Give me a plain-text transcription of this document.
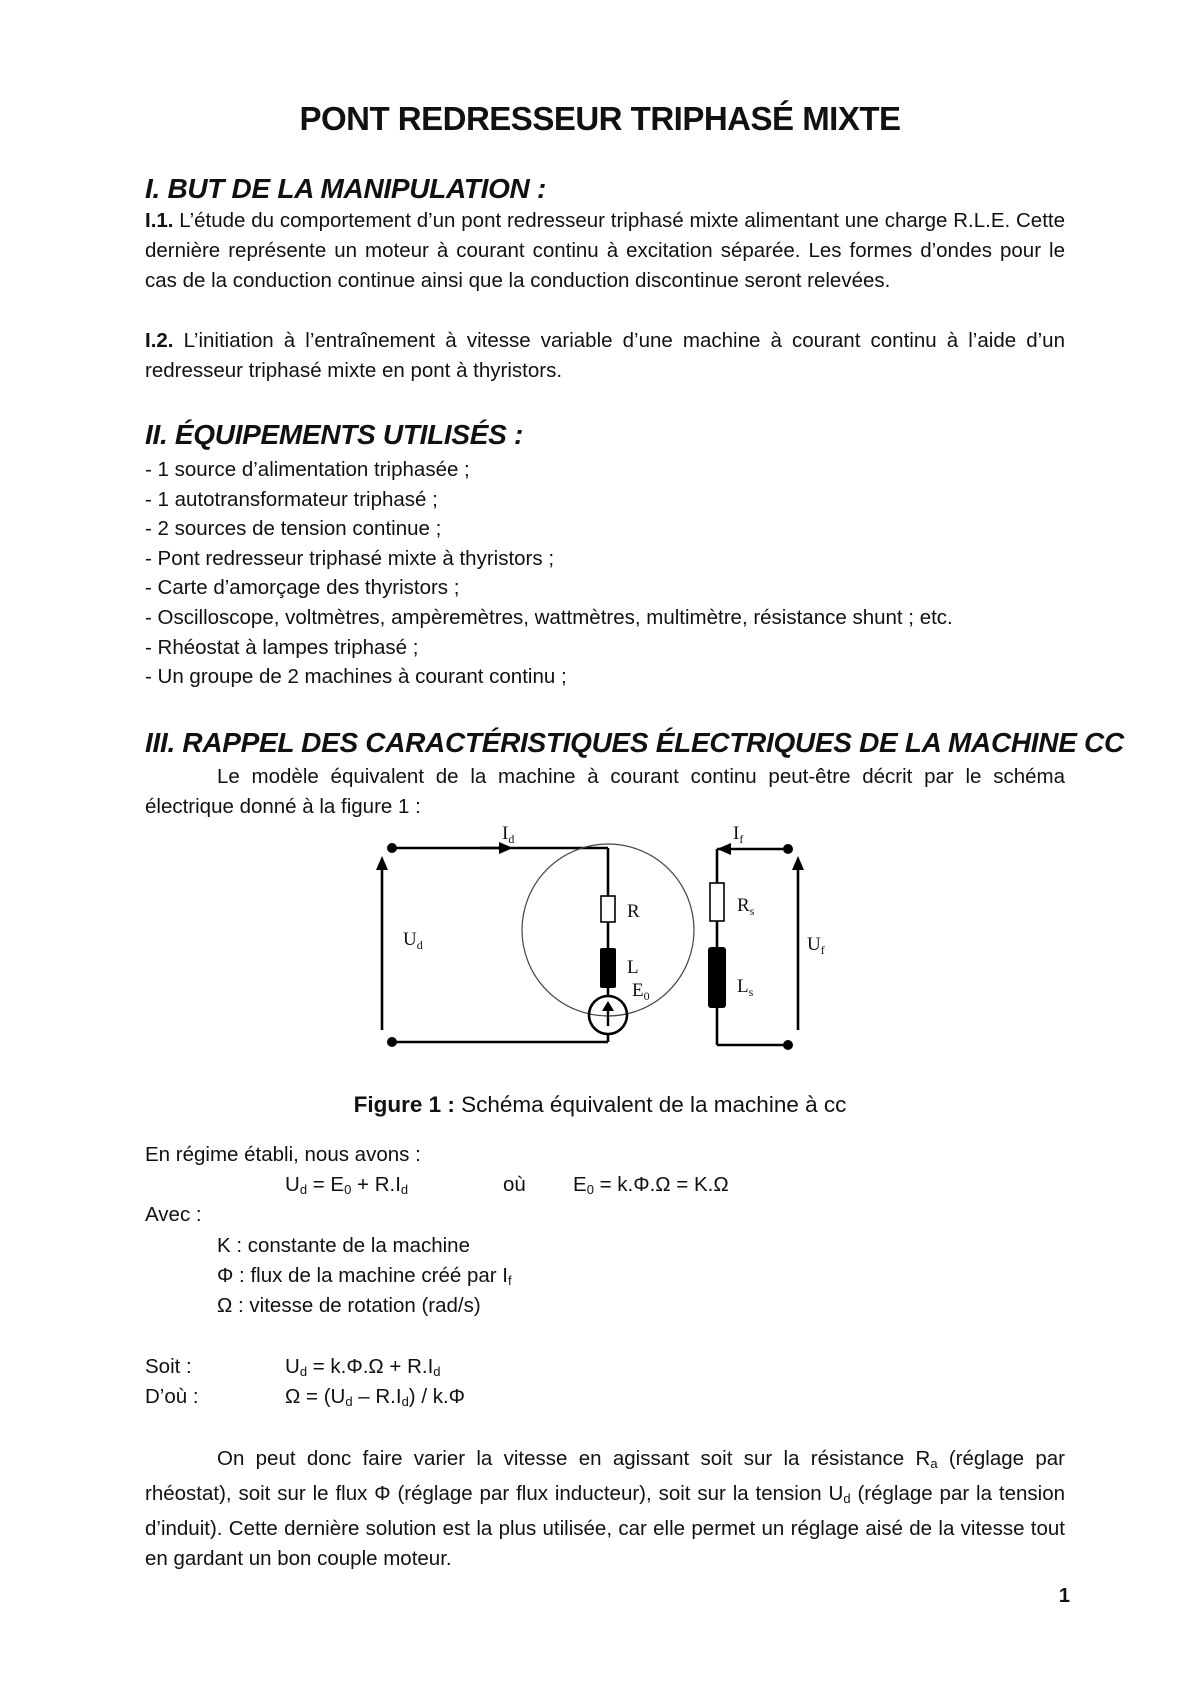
PONT REDRESSEUR TRIPHASÉ MIXTE
I. BUT DE LA MANIPULATION :

I.1. L’étude du comportement d’un pont redresseur triphasé mixte alimentant une charge R.L.E. Cette dernière représente un moteur à courant continu à excitation séparée. Les formes d’ondes pour le cas de la conduction continue ainsi que la conduction discontinue seront relevées.

I.2. L’initiation à l’entraînement à vitesse variable d’une machine à courant continu à l’aide d’un redresseur triphasé mixte en pont à thyristors.

II. ÉQUIPEMENTS UTILISÉS :
- 1 source d’alimentation triphasée ;
- 1 autotransformateur triphasé ;
- 2 sources de tension continue ;
- Pont redresseur triphasé mixte à thyristors ;
- Carte d’amorçage des thyristors ;
- Oscilloscope, voltmètres, ampèremètres, wattmètres, multimètre, résistance shunt ; etc.
- Rhéostat à lampes triphasé ;
- Un groupe de 2 machines à courant continu ;
III. RAPPEL DES CARACTÉRISTIQUES ÉLECTRIQUES DE LA MACHINE CC

Le modèle équivalent de la machine à courant continu peut-être décrit par le schéma électrique donné à la figure 1 :

$I_d$	$I_f$
$U_d$	$U_f$
R
L
$E_0$
$R_s$
$L_s$
Figure 1 : Schéma équivalent de la machine à cc

En régime établi, nous avons :

$U_d = E_0 + R.I_d$	où $E_0 = k.\Phi.\Omega = K.\Omega$

Avec :

K : constante de la machine

Φ : flux de la machine créé par $I_f$

Ω : vitesse de rotation (rad/s)

Soit :	$U_d = k.\Phi.\Omega + R.I_d$

D’où :	$\Omega = (U_d - R.I_d) / k.\Phi$

On peut donc faire varier la vitesse en agissant soit sur la résistance $R_a$ (réglage par rhéostat), soit sur le flux Φ (réglage par flux inducteur), soit sur la tension $U_d$ (réglage par la tension d’induit). Cette dernière solution est la plus utilisée, car elle permet un réglage aisé de la vitesse tout en gardant un bon couple moteur.

1
